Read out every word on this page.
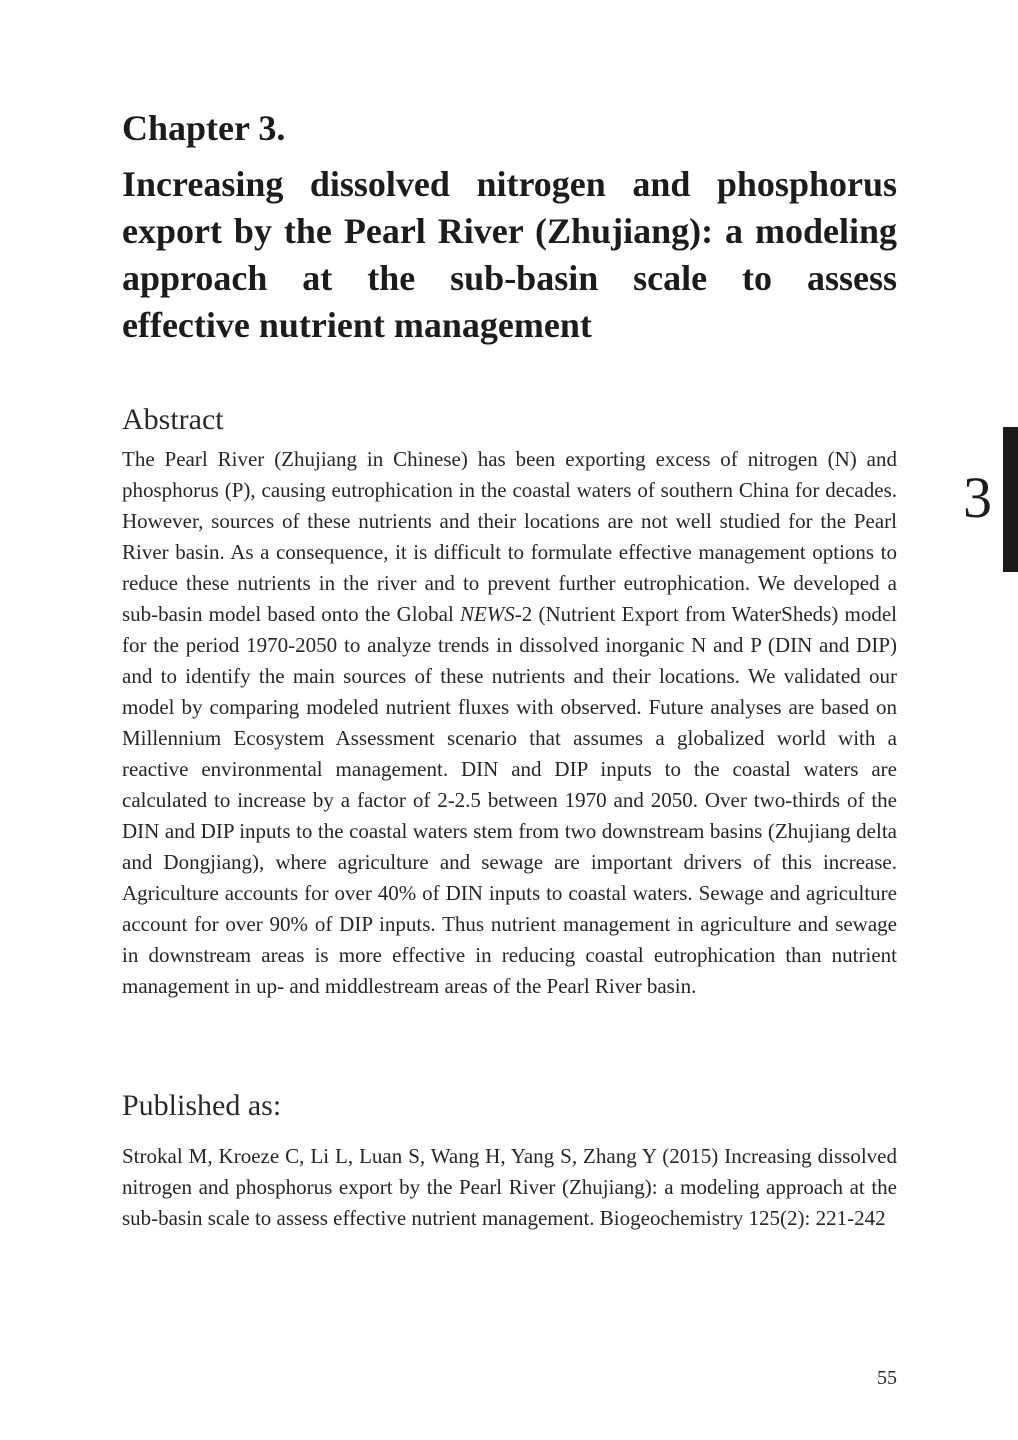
Chapter 3.
Increasing dissolved nitrogen and phosphorus
export by the Pearl River (Zhujiang): a modeling
approach at the sub-basin scale to assess
effective nutrient management
Abstract
The Pearl River (Zhujiang in Chinese) has been exporting excess of nitrogen (N) and phosphorus (P), causing eutrophication in the coastal waters of southern China for decades. However, sources of these nutrients and their locations are not well studied for the Pearl River basin. As a consequence, it is difficult to formulate effective management options to reduce these nutrients in the river and to prevent further eutrophication. We developed a sub-basin model based onto the Global NEWS-2 (Nutrient Export from WaterSheds) model for the period 1970-2050 to analyze trends in dissolved inorganic N and P (DIN and DIP) and to identify the main sources of these nutrients and their locations. We validated our model by comparing modeled nutrient fluxes with observed. Future analyses are based on Millennium Ecosystem Assessment scenario that assumes a globalized world with a reactive environmental management. DIN and DIP inputs to the coastal waters are calculated to increase by a factor of 2-2.5 between 1970 and 2050. Over two-thirds of the DIN and DIP inputs to the coastal waters stem from two downstream basins (Zhujiang delta and Dongjiang), where agriculture and sewage are important drivers of this increase. Agriculture accounts for over 40% of DIN inputs to coastal waters. Sewage and agriculture account for over 90% of DIP inputs. Thus nutrient management in agriculture and sewage in downstream areas is more effective in reducing coastal eutrophication than nutrient management in up- and middlestream areas of the Pearl River basin.
Published as:
Strokal M, Kroeze C, Li L, Luan S, Wang H, Yang S, Zhang Y (2015) Increasing dissolved nitrogen and phosphorus export by the Pearl River (Zhujiang): a modeling approach at the sub-basin scale to assess effective nutrient management. Biogeochemistry 125(2): 221-242
3
55
